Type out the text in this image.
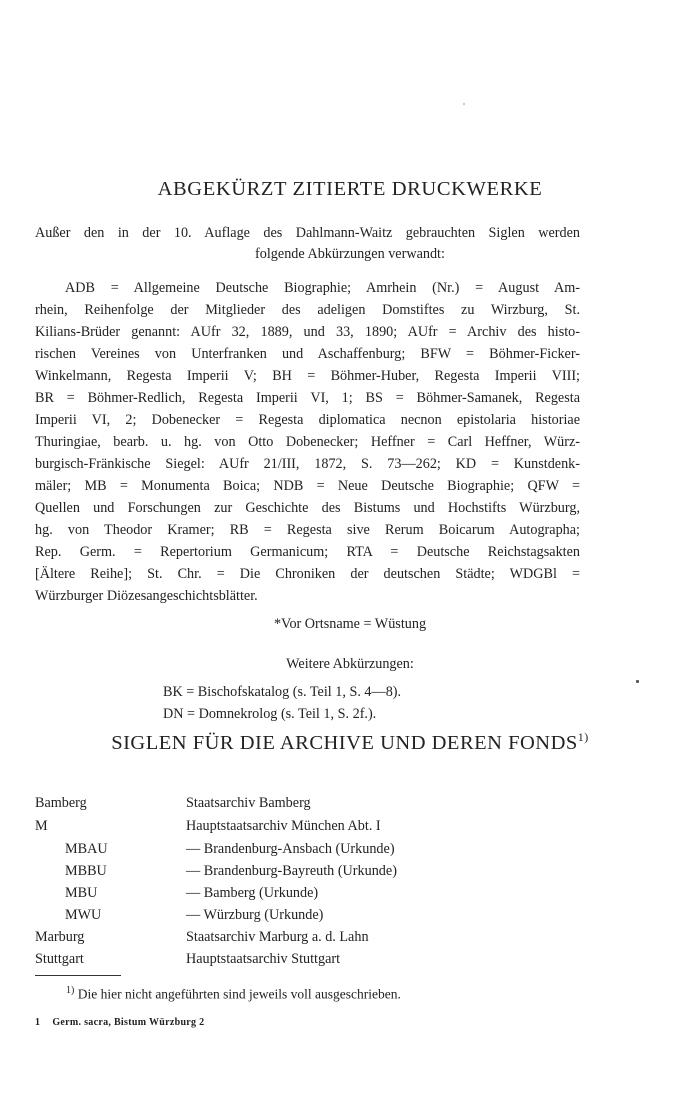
ABGEKÜRZT ZITIERTE DRUCKWERKE
Außer den in der 10. Auflage des Dahlmann-Waitz gebrauchten Siglen werden
folgende Abkürzungen verwandt:
ADB = Allgemeine Deutsche Biographie; Amrhein (Nr.) = August Am-
rhein, Reihenfolge der Mitglieder des adeligen Domstiftes zu Wirzburg, St.
Kilians-Brüder genannt: AUfr 32, 1889, und 33, 1890; AUfr = Archiv des histo-
rischen Vereines von Unterfranken und Aschaffenburg; BFW = Böhmer-Ficker-
Winkelmann, Regesta Imperii V; BH = Böhmer-Huber, Regesta Imperii VIII;
BR = Böhmer-Redlich, Regesta Imperii VI, 1; BS = Böhmer-Samanek, Regesta
Imperii VI, 2; Dobenecker = Regesta diplomatica necnon epistolaria historiae
Thuringiae, bearb. u. hg. von Otto Dobenecker; Heffner = Carl Heffner, Würz-
burgisch-Fränkische Siegel: AUfr 21/III, 1872, S. 73—262; KD = Kunstdenk-
mäler; MB = Monumenta Boica; NDB = Neue Deutsche Biographie; QFW =
Quellen und Forschungen zur Geschichte des Bistums und Hochstifts Würzburg,
hg. von Theodor Kramer; RB = Regesta sive Rerum Boicarum Autographa;
Rep. Germ. = Repertorium Germanicum; RTA = Deutsche Reichstagsakten
[Ältere Reihe]; St. Chr. = Die Chroniken der deutschen Städte; WDGBl =
Würzburger Diözesangeschichtsblätter.
*Vor Ortsname = Wüstung
Weitere Abkürzungen:
BK = Bischofskatalog (s. Teil 1, S. 4—8).
DN = Domnekrolog (s. Teil 1, S. 2f.).
SIGLEN FÜR DIE ARCHIVE UND DEREN FONDS$^{1)}$
Bamberg	Staatsarchiv Bamberg
M	Hauptstaatsarchiv München Abt. I
MBAU	— Brandenburg-Ansbach (Urkunde)
MBBU	— Brandenburg-Bayreuth (Urkunde)
MBU	— Bamberg (Urkunde)
MWU	— Würzburg (Urkunde)
Marburg	Staatsarchiv Marburg a. d. Lahn
Stuttgart	Hauptstaatsarchiv Stuttgart
$^{1)}$ Die hier nicht angeführten sind jeweils voll ausgeschrieben.
1 Germ. sacra, Bistum Würzburg 2
